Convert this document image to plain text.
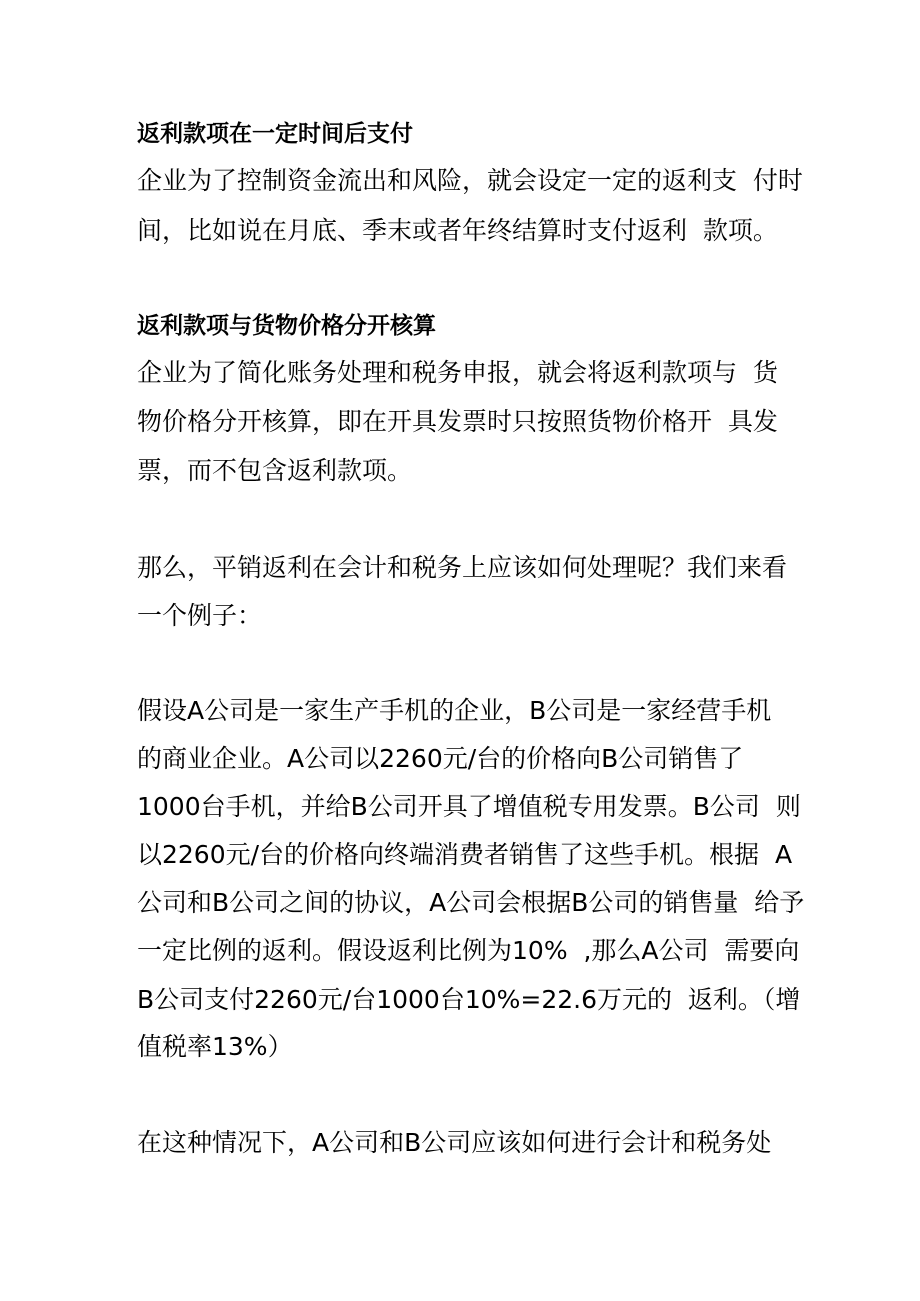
返利款项在一定时间后支付

企业为了控制资金流出和风险，就会设定一定的返利支  付时

间，比如说在月底、季末或者年终结算时支付返利  款项。

返利款项与货物价格分开核算

企业为了简化账务处理和税务申报，就会将返利款项与  货

物价格分开核算，即在开具发票时只按照货物价格开  具发

票，而不包含返利款项。

那么，平销返利在会计和税务上应该如何处理呢？我们来看

一个例子：

假设A公司是一家生产手机的企业，B公司是一家经营手机

的商业企业。A公司以2260元/台的价格向B公司销售了

1000台手机，并给B公司开具了增值税专用发票。B公司  则

以2260元/台的价格向终端消费者销售了这些手机。根据  A

公司和B公司之间的协议，A公司会根据B公司的销售量  给予

一定比例的返利。假设返利比例为10%  ,那么A公司  需要向

B公司支付2260元/台1000台10%=22.6万元的  返利。（增

值税率13%）

在这种情况下，A公司和B公司应该如何进行会计和税务处
